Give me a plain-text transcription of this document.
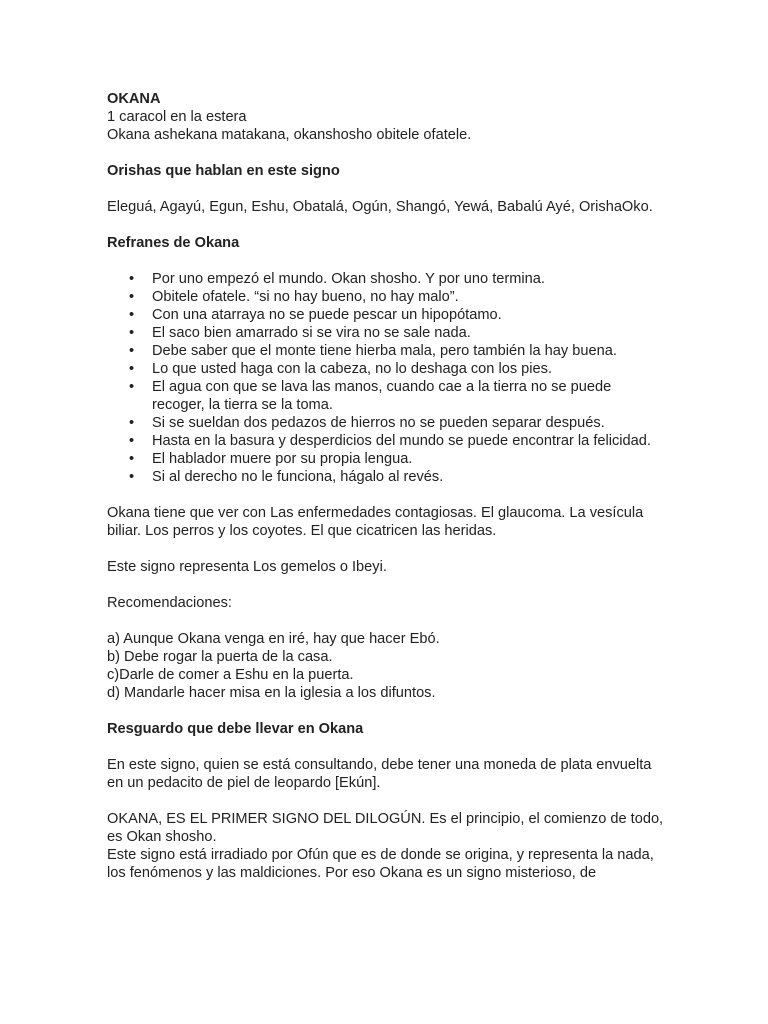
OKANA
1 caracol en la estera
Okana ashekana matakana, okanshosho obitele ofatele.
Orishas que hablan en este signo
Eleguá, Agayú, Egun, Eshu, Obatalá, Ogún, Shangó, Yewá, Babalú Ayé, OrishaOko.
Refranes de Okana
• Por uno empezó el mundo. Okan shosho. Y por uno termina.
• Obitele ofatele. “si no hay bueno, no hay malo”.
• Con una atarraya no se puede pescar un hipopótamo.
• El saco bien amarrado si se vira no se sale nada.
• Debe saber que el monte tiene hierba mala, pero también la hay buena.
• Lo que usted haga con la cabeza, no lo deshaga con los pies.
• El agua con que se lava las manos, cuando cae a la tierra no se puede recoger, la tierra se la toma.
• Si se sueldan dos pedazos de hierros no se pueden separar después.
• Hasta en la basura y desperdicios del mundo se puede encontrar la felicidad.
• El hablador muere por su propia lengua.
• Si al derecho no le funciona, hágalo al revés.
Okana tiene que ver con Las enfermedades contagiosas. El glaucoma. La vesícula biliar. Los perros y los coyotes. El que cicatricen las heridas.
Este signo representa Los gemelos o Ibeyi.
Recomendaciones:
a) Aunque Okana venga en iré, hay que hacer Ebó.
b) Debe rogar la puerta de la casa.
c)Darle de comer a Eshu en la puerta.
d) Mandarle hacer misa en la iglesia a los difuntos.
Resguardo que debe llevar en Okana
En este signo, quien se está consultando, debe tener una moneda de plata envuelta en un pedacito de piel de leopardo [Ekún].
OKANA, ES EL PRIMER SIGNO DEL DILOGÚN. Es el principio, el comienzo de todo, es Okan shosho.
Este signo está irradiado por Ofún que es de donde se origina, y representa la nada, los fenómenos y las maldiciones. Por eso Okana es un signo misterioso, de
